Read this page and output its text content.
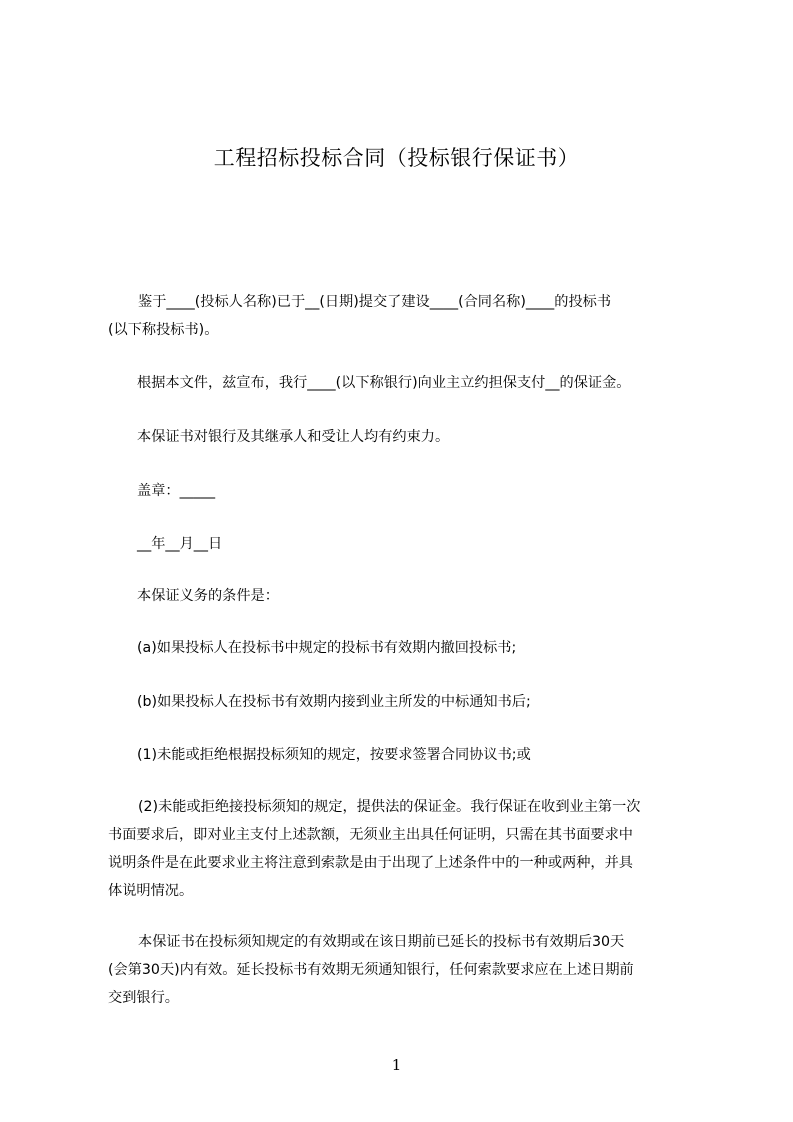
工程招标投标合同（投标银行保证书）
鉴于____(投标人名称)已于__(日期)提交了建设____(合同名称)____的投标书
(以下称投标书)。
根据本文件，兹宣布，我行____(以下称银行)向业主立约担保支付__的保证金。
本保证书对银行及其继承人和受让人均有约束力。
盖章：_____
__年__月__日
本保证义务的条件是：
(a)如果投标人在投标书中规定的投标书有效期内撤回投标书;
(b)如果投标人在投标书有效期内接到业主所发的中标通知书后;
(1)未能或拒绝根据投标须知的规定，按要求签署合同协议书;或
(2)未能或拒绝接投标须知的规定，提供法的保证金。我行保证在收到业主第一次
书面要求后，即对业主支付上述款额，无须业主出具任何证明，只需在其书面要求中
说明条件是在此要求业主将注意到索款是由于出现了上述条件中的一种或两种，并具
体说明情况。
本保证书在投标须知规定的有效期或在该日期前已延长的投标书有效期后30天
(会第30天)内有效。延长投标书有效期无须通知银行，任何索款要求应在上述日期前
交到银行。
1
